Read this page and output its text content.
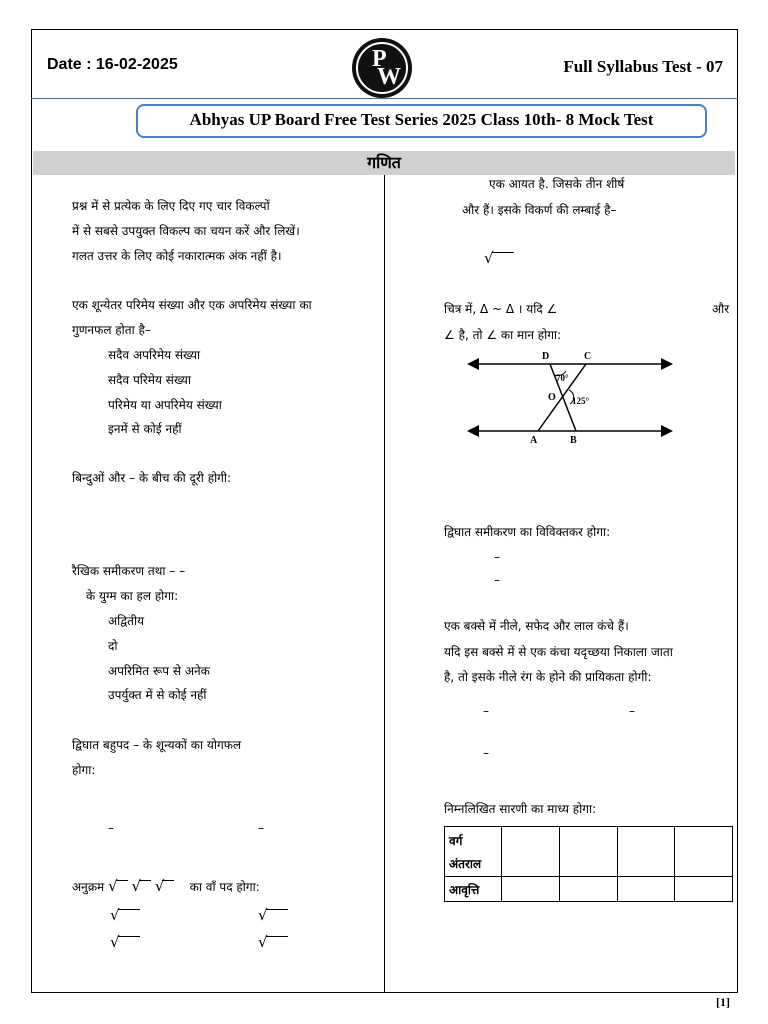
Date : 16-02-2025	P
W	Full Syllabus Test - 07
Abhyas UP Board Free Test Series 2025 Class 10th- 8 Mock Test
गणित
प्रश्न में से प्रत्येक के लिए दिए गए चार विकल्पों
में से सबसे उपयुक्त विकल्प का चयन करें और लिखें।
गलत उत्तर के लिए कोई नकारात्मक अंक नहीं है।
एक शून्येतर परिमेय संख्या और एक अपरिमेय संख्या का
गुणनफल होता है–
सदैव अपरिमेय संख्या
सदैव परिमेय संख्या
परिमेय या अपरिमेय संख्या
इनमें से कोई नहीं
बिन्दुओं और – के बीच की दूरी होगी:
रैखिक समीकरण तथा – –
के युग्म का हल होगा:
अद्वितीय
दो
अपरिमित रूप से अनेक
उपर्युक्त में से कोई नहीं
द्विघात बहुपद – के शून्यकों का योगफल
होगा:
–	–
अनुक्रम √ √ √ का वाँ पद होगा:
√	√
√	√
एक आयत है. जिसके तीन शीर्ष
और हैं। इसके विकर्ण की लम्बाई है–
√
चित्र में, Δ ~ Δ । यदि ∠	और
∠ है, तो ∠ का मान होगा:
D	C
O
A	B
70°
125°
द्विघात समीकरण का विविक्तकर होगा:
–
–
एक बक्से में नीले, सफेद और लाल कंचे हैं।
यदि इस बक्से में से एक कंचा यदृच्छया निकाला जाता
है, तो इसके नीले रंग के होने की प्रायिकता होगी:
–	–
–
निम्नलिखित सारणी का माध्य होगा:
वर्ग
अंतराल				

आवृत्ति				
[1]
